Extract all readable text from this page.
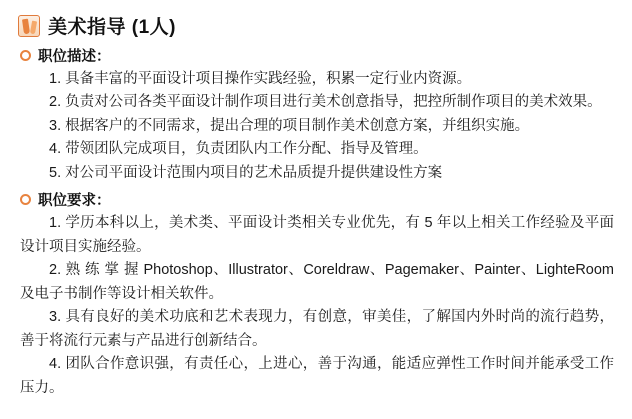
美术指导 (1人)
职位描述：

1. 具备丰富的平面设计项目操作实践经验，积累一定行业内资源。

2. 负责对公司各类平面设计制作项目进行美术创意指导，把控所制作项目的美术效果。

3. 根据客户的不同需求，提出合理的项目制作美术创意方案，并组织实施。

4. 带领团队完成项目，负责团队内工作分配、指导及管理。

5. 对公司平面设计范围内项目的艺术品质提升提供建设性方案

职位要求：

1. 学历本科以上，美术类、平面设计类相关专业优先，有 5 年以上相关工作经验及平面设计项目实施经验。

2. 熟 练 掌 握 Photoshop、Illustrator、Coreldraw、Pagemaker、Painter、LighteRoom 及电子书制作等设计相关软件。

3. 具有良好的美术功底和艺术表现力，有创意，审美佳，了解国内外时尚的流行趋势，善于将流行元素与产品进行创新结合。

4. 团队合作意识强，有责任心，上进心，善于沟通，能适应弹性工作时间并能承受工作压力。
